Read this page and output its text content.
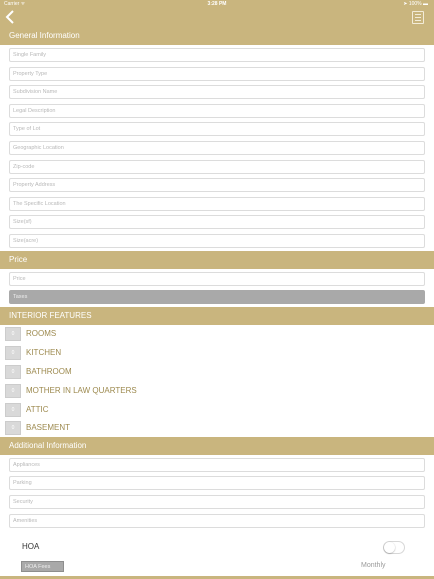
Carrier ᯤ	3:28 PM	➤ 100% ▬
General Information
Single Family
Property Type
Subdivision Name
Legal Description
Type of Lot
Geographic Location
Zip-code
Property Address
The Specific Location
Size(sf)
Size(acre)
Price
Price
Taxes
INTERIOR FEATURES
0	ROOMS
0	KITCHEN
0	BATHROOM
0	MOTHER IN LAW QUARTERS
0	ATTIC
0	BASEMENT
Additional Information
Appliances
Parking
Security
Amenities
HOA
HOA Fees
Monthly
